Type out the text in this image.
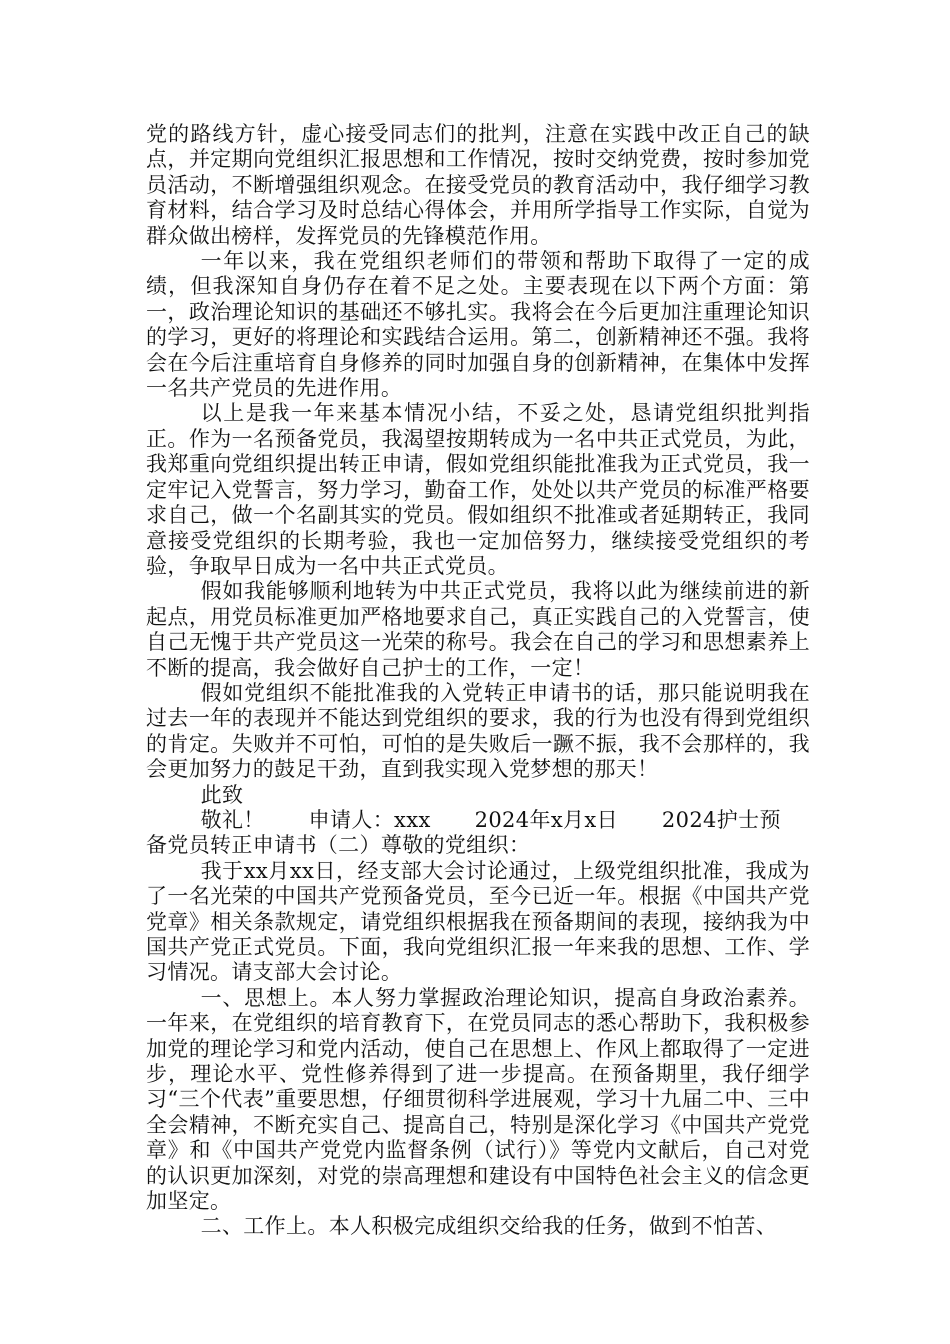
党的路线方针，虚心接受同志们的批判，注意在实践中改正自己的缺点，并定期向党组织汇报思想和工作情况，按时交纳党费，按时参加党员活动，不断增强组织观念。在接受党员的教育活动中，我仔细学习教育材料，结合学习及时总结心得体会，并用所学指导工作实际，自觉为群众做出榜样，发挥党员的先锋模范作用。

一年以来，我在党组织老师们的带领和帮助下取得了一定的成绩，但我深知自身仍存在着不足之处。主要表现在以下两个方面：第一，政治理论知识的基础还不够扎实。我将会在今后更加注重理论知识的学习，更好的将理论和实践结合运用。第二，创新精神还不强。我将会在今后注重培育自身修养的同时加强自身的创新精神，在集体中发挥一名共产党员的先进作用。

以上是我一年来基本情况小结，不妥之处，恳请党组织批判指正。作为一名预备党员，我渴望按期转成为一名中共正式党员，为此，我郑重向党组织提出转正申请，假如党组织能批准我为正式党员，我一定牢记入党誓言，努力学习，勤奋工作，处处以共产党员的标准严格要求自己，做一个名副其实的党员。假如组织不批准或者延期转正，我同意接受党组织的长期考验，我也一定加倍努力，继续接受党组织的考验，争取早日成为一名中共正式党员。

假如我能够顺利地转为中共正式党员，我将以此为继续前进的新起点，用党员标准更加严格地要求自己，真正实践自己的入党誓言，使自己无愧于共产党员这一光荣的称号。我会在自己的学习和思想素养上不断的提高，我会做好自己护士的工作，一定！

假如党组织不能批准我的入党转正申请书的话，那只能说明我在过去一年的表现并不能达到党组织的要求，我的行为也没有得到党组织的肯定。失败并不可怕，可怕的是失败后一蹶不振，我不会那样的，我会更加努力的鼓足干劲，直到我实现入党梦想的那天！

此致

敬礼！ 申请人：xxx 2024年x月x日 2024护士预

备党员转正申请书（二）尊敬的党组织：

我于xx月xx日，经支部大会讨论通过，上级党组织批准，我成为了一名光荣的中国共产党预备党员，至今已近一年。根据《中国共产党党章》相关条款规定，请党组织根据我在预备期间的表现，接纳我为中国共产党正式党员。下面，我向党组织汇报一年来我的思想、工作、学习情况。请支部大会讨论。

一、思想上。本人努力掌握政治理论知识，提高自身政治素养。一年来，在党组织的培育教育下，在党员同志的悉心帮助下，我积极参加党的理论学习和党内活动，使自己在思想上、作风上都取得了一定进步，理论水平、党性修养得到了进一步提高。在预备期里，我仔细学习“三个代表”重要思想，仔细贯彻科学进展观，学习十九届二中、三中全会精神，不断充实自己、提高自己，特别是深化学习《中国共产党党章》和《中国共产党党内监督条例（试行）》等党内文献后，自己对党的认识更加深刻，对党的崇高理想和建设有中国特色社会主义的信念更加坚定。

二、工作上。本人积极完成组织交给我的任务，做到不怕苦、
